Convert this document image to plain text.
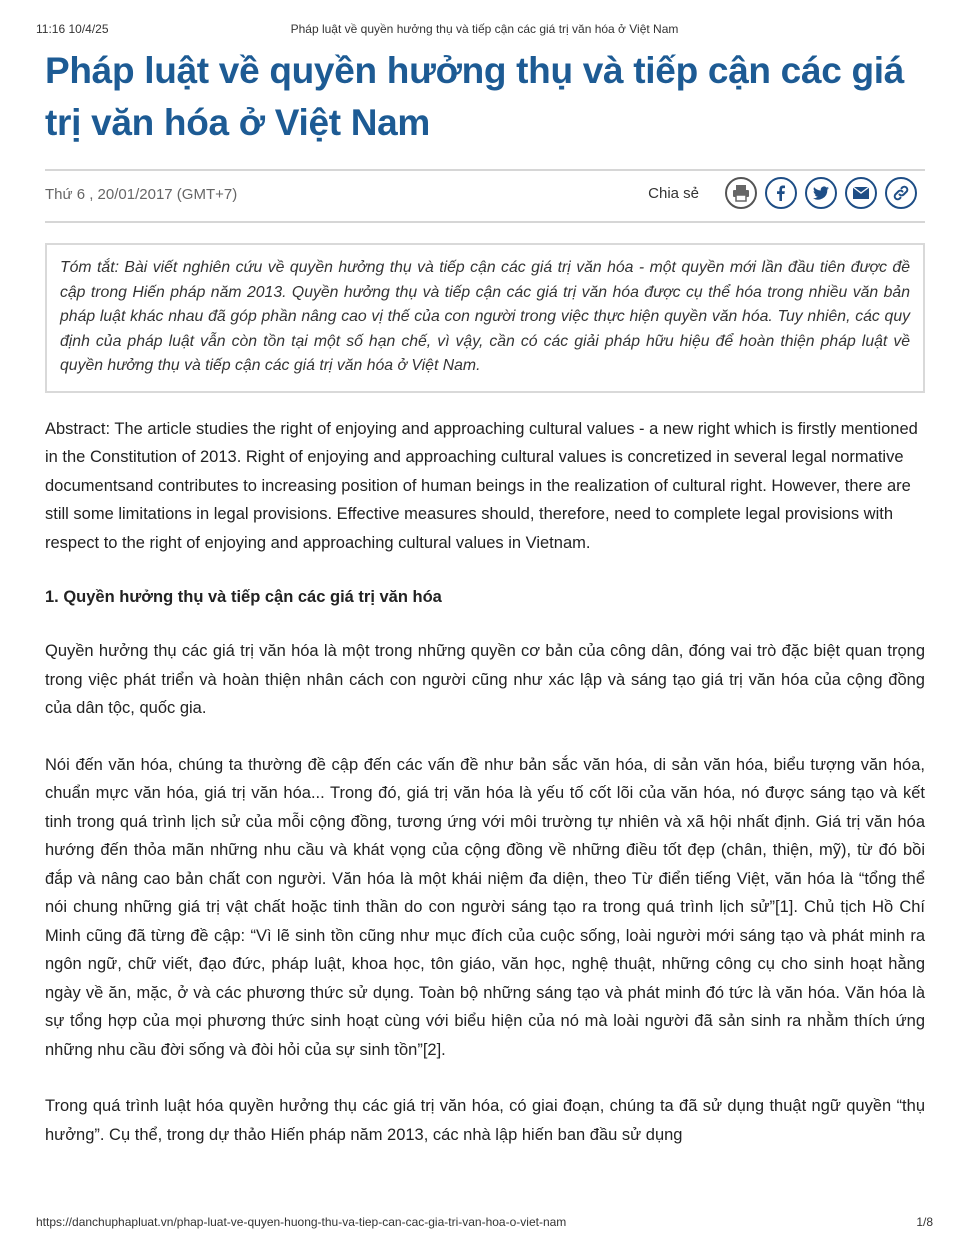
11:16 10/4/25	Pháp luật về quyền hưởng thụ và tiếp cận các giá trị văn hóa ở Việt Nam
Pháp luật về quyền hưởng thụ và tiếp cận các giá trị văn hóa ở Việt Nam
Thứ 6 , 20/01/2017 (GMT+7)	Chia sẻ
Tóm tắt: Bài viết nghiên cứu về quyền hưởng thụ và tiếp cận các giá trị văn hóa - một quyền mới lần đầu tiên được đề cập trong Hiến pháp năm 2013. Quyền hưởng thụ và tiếp cận các giá trị văn hóa được cụ thể hóa trong nhiều văn bản pháp luật khác nhau đã góp phần nâng cao vị thế của con người trong việc thực hiện quyền văn hóa. Tuy nhiên, các quy định của pháp luật vẫn còn tồn tại một số hạn chế, vì vậy, cần có các giải pháp hữu hiệu để hoàn thiện pháp luật về quyền hưởng thụ và tiếp cận các giá trị văn hóa ở Việt Nam.

Abstract: The article studies the right of enjoying and approaching cultural values - a new right which is firstly mentioned in the Constitution of 2013. Right of enjoying and approaching cultural values is concretized in several legal normative documentsand contributes to increasing position of human beings in the realization of cultural right. However, there are still some limitations in legal provisions. Effective measures should, therefore, need to complete legal provisions with respect to the right of enjoying and approaching cultural values in Vietnam.

1. Quyền hưởng thụ và tiếp cận các giá trị văn hóa

Quyền hưởng thụ các giá trị văn hóa là một trong những quyền cơ bản của công dân, đóng vai trò đặc biệt quan trọng trong việc phát triển và hoàn thiện nhân cách con người cũng như xác lập và sáng tạo giá trị văn hóa của cộng đồng của dân tộc, quốc gia.

Nói đến văn hóa, chúng ta thường đề cập đến các vấn đề như bản sắc văn hóa, di sản văn hóa, biểu tượng văn hóa, chuẩn mực văn hóa, giá trị văn hóa... Trong đó, giá trị văn hóa là yếu tố cốt lõi của văn hóa, nó được sáng tạo và kết tinh trong quá trình lịch sử của mỗi cộng đồng, tương ứng với môi trường tự nhiên và xã hội nhất định. Giá trị văn hóa hướng đến thỏa mãn những nhu cầu và khát vọng của cộng đồng về những điều tốt đẹp (chân, thiện, mỹ), từ đó bồi đắp và nâng cao bản chất con người. Văn hóa là một khái niệm đa diện, theo Từ điển tiếng Việt, văn hóa là “tổng thể nói chung những giá trị vật chất hoặc tinh thần do con người sáng tạo ra trong quá trình lịch sử”[1]. Chủ tịch Hồ Chí Minh cũng đã từng đề cập: “Vì lẽ sinh tồn cũng như mục đích của cuộc sống, loài người mới sáng tạo và phát minh ra ngôn ngữ, chữ viết, đạo đức, pháp luật, khoa học, tôn giáo, văn học, nghệ thuật, những công cụ cho sinh hoạt hằng ngày về ăn, mặc, ở và các phương thức sử dụng. Toàn bộ những sáng tạo và phát minh đó tức là văn hóa. Văn hóa là sự tổng hợp của mọi phương thức sinh hoạt cùng với biểu hiện của nó mà loài người đã sản sinh ra nhằm thích ứng những nhu cầu đời sống và đòi hỏi của sự sinh tồn”[2].

Trong quá trình luật hóa quyền hưởng thụ các giá trị văn hóa, có giai đoạn, chúng ta đã sử dụng thuật ngữ quyền “thụ hưởng”. Cụ thể, trong dự thảo Hiến pháp năm 2013, các nhà lập hiến ban đầu sử dụng

https://danchuphapluat.vn/phap-luat-ve-quyen-huong-thu-va-tiep-can-cac-gia-tri-van-hoa-o-viet-nam	1/8
